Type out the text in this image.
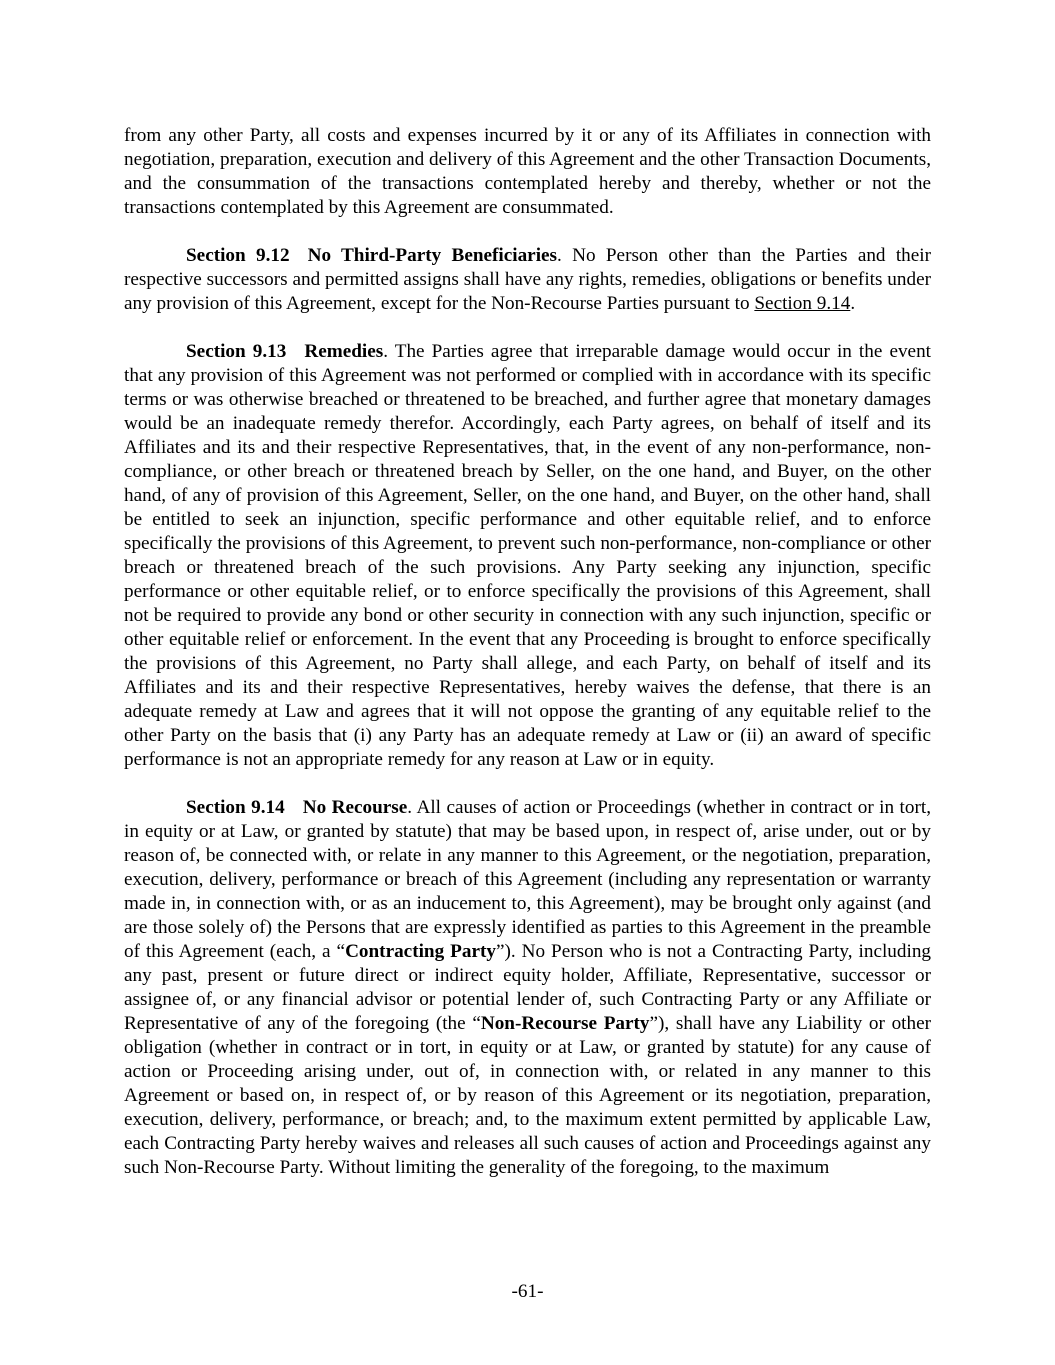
from any other Party, all costs and expenses incurred by it or any of its Affiliates in connection with negotiation, preparation, execution and delivery of this Agreement and the other Transaction Documents, and the consummation of the transactions contemplated hereby and thereby, whether or not the transactions contemplated by this Agreement are consummated.

Section 9.12 No Third-Party Beneficiaries. No Person other than the Parties and their respective successors and permitted assigns shall have any rights, remedies, obligations or benefits under any provision of this Agreement, except for the Non-Recourse Parties pursuant to Section 9.14.

Section 9.13 Remedies. The Parties agree that irreparable damage would occur in the event that any provision of this Agreement was not performed or complied with in accordance with its specific terms or was otherwise breached or threatened to be breached, and further agree that monetary damages would be an inadequate remedy therefor. Accordingly, each Party agrees, on behalf of itself and its Affiliates and its and their respective Representatives, that, in the event of any non-performance, non-compliance, or other breach or threatened breach by Seller, on the one hand, and Buyer, on the other hand, of any of provision of this Agreement, Seller, on the one hand, and Buyer, on the other hand, shall be entitled to seek an injunction, specific performance and other equitable relief, and to enforce specifically the provisions of this Agreement, to prevent such non-performance, non-compliance or other breach or threatened breach of the such provisions. Any Party seeking any injunction, specific performance or other equitable relief, or to enforce specifically the provisions of this Agreement, shall not be required to provide any bond or other security in connection with any such injunction, specific or other equitable relief or enforcement. In the event that any Proceeding is brought to enforce specifically the provisions of this Agreement, no Party shall allege, and each Party, on behalf of itself and its Affiliates and its and their respective Representatives, hereby waives the defense, that there is an adequate remedy at Law and agrees that it will not oppose the granting of any equitable relief to the other Party on the basis that (i) any Party has an adequate remedy at Law or (ii) an award of specific performance is not an appropriate remedy for any reason at Law or in equity.

Section 9.14 No Recourse. All causes of action or Proceedings (whether in contract or in tort, in equity or at Law, or granted by statute) that may be based upon, in respect of, arise under, out or by reason of, be connected with, or relate in any manner to this Agreement, or the negotiation, preparation, execution, delivery, performance or breach of this Agreement (including any representation or warranty made in, in connection with, or as an inducement to, this Agreement), may be brought only against (and are those solely of) the Persons that are expressly identified as parties to this Agreement in the preamble of this Agreement (each, a “Contracting Party”). No Person who is not a Contracting Party, including any past, present or future direct or indirect equity holder, Affiliate, Representative, successor or assignee of, or any financial advisor or potential lender of, such Contracting Party or any Affiliate or Representative of any of the foregoing (the “Non-Recourse Party”), shall have any Liability or other obligation (whether in contract or in tort, in equity or at Law, or granted by statute) for any cause of action or Proceeding arising under, out of, in connection with, or related in any manner to this Agreement or based on, in respect of, or by reason of this Agreement or its negotiation, preparation, execution, delivery, performance, or breach; and, to the maximum extent permitted by applicable Law, each Contracting Party hereby waives and releases all such causes of action and Proceedings against any such Non-Recourse Party. Without limiting the generality of the foregoing, to the maximum

-61-
